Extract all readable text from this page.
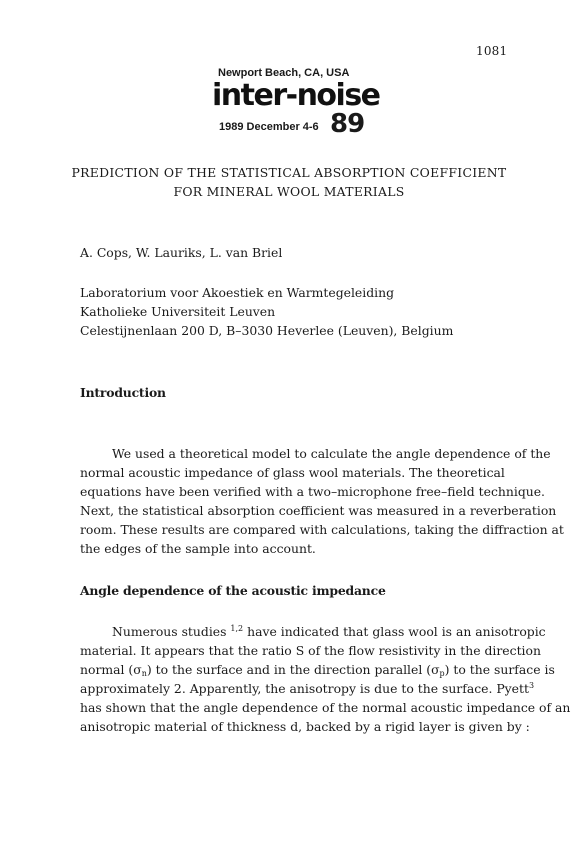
1081
Newport Beach, CA, USA
inter-noise
1989 December 4-6 89
PREDICTION OF THE STATISTICAL ABSORPTION COEFFICIENT
FOR MINERAL WOOL MATERIALS
A. Cops, W. Lauriks, L. van Briel
Laboratorium voor Akoestiek en Warmtegeleiding
Katholieke Universiteit Leuven
Celestijnenlaan 200 D, B–3030 Heverlee (Leuven), Belgium
Introduction
We used a theoretical model to calculate the angle dependence of the
normal acoustic impedance of glass wool materials. The theoretical
equations have been verified with a two–microphone free–field technique.
Next, the statistical absorption coefficient was measured in a reverberation
room. These results are compared with calculations, taking the diffraction at
the edges of the sample into account.
Angle dependence of the acoustic impedance
Numerous studies $^{1,2}$ have indicated that glass wool is an anisotropic
material. It appears that the ratio S of the flow resistivity in the direction
normal $(\sigma_n)$ to the surface and in the direction parallel $(\sigma_p)$ to the surface is
approximately 2. Apparently, the anisotropy is due to the surface. Pyett$^3$
has shown that the angle dependence of the normal acoustic impedance of an
anisotropic material of thickness d, backed by a rigid layer is given by :
